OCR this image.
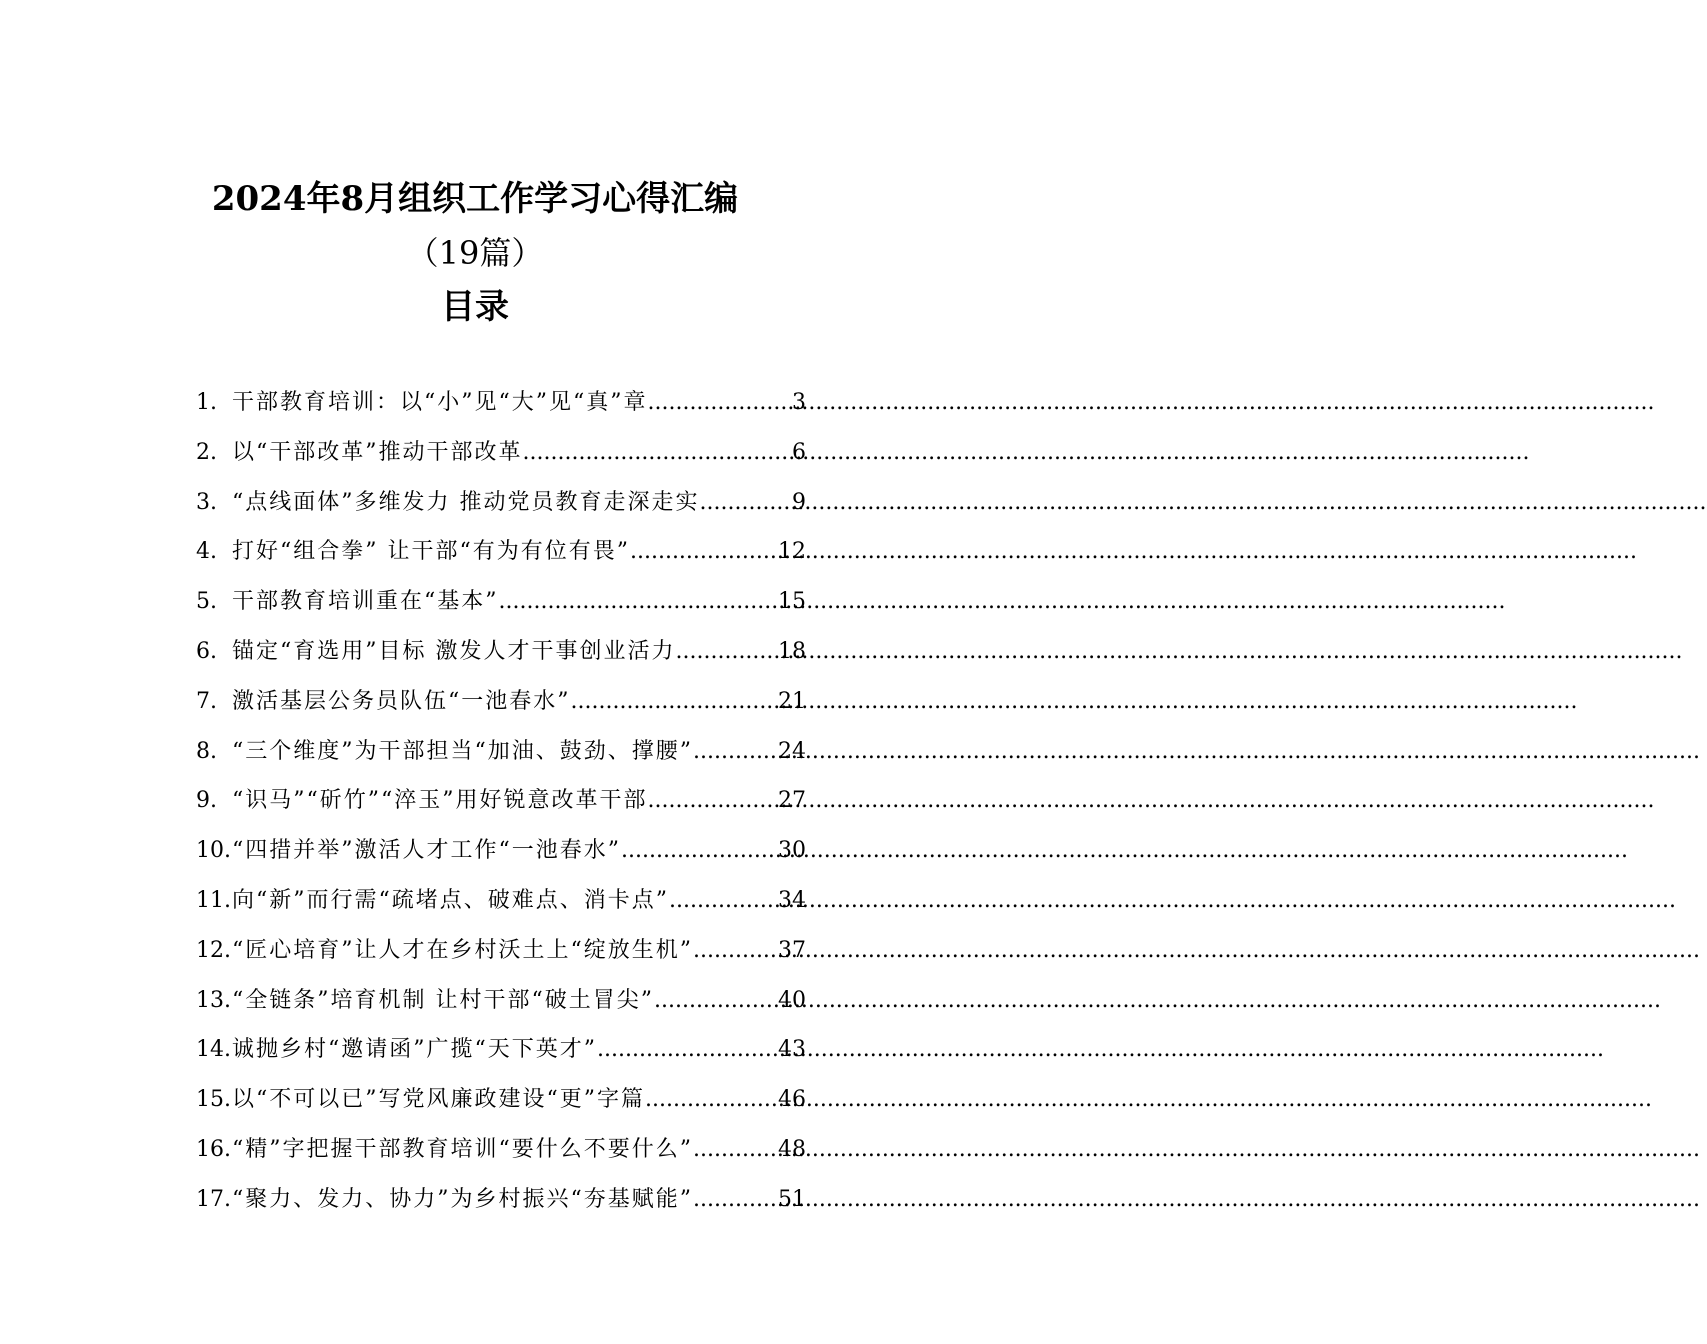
2024年8月组织工作学习心得汇编
（19篇）
目录
1. 干部教育培训：以“小”见“大”见“真”章 .....	3
2. 以“干部改革”推动干部改革 .....	6
3. “点线面体”多维发力 推动党员教育走深走实 .....	9
4. 打好“组合拳” 让干部“有为有位有畏” .....	12
5. 干部教育培训重在“基本” .....	15
6. 锚定“育选用”目标 激发人才干事创业活力 .....	18
7. 激活基层公务员队伍“一池春水” .....	21
8. “三个维度”为干部担当“加油、鼓劲、撑腰” .....	24
9. “识马”“斫竹”“淬玉”用好锐意改革干部 .....	27
10. “四措并举”激活人才工作“一池春水” .....	30
11. 向“新”而行需“疏堵点、破难点、消卡点” .....	34
12. “匠心培育”让人才在乡村沃土上“绽放生机” .....	37
13. “全链条”培育机制 让村干部“破土冒尖” .....	40
14. 诚抛乡村“邀请函”广揽“天下英才” .....	43
15. 以“不可以已”写党风廉政建设“更”字篇 .....	46
16. “精”字把握干部教育培训“要什么不要什么” .....	48
17. “聚力、发力、协力”为乡村振兴“夯基赋能” .....	51
